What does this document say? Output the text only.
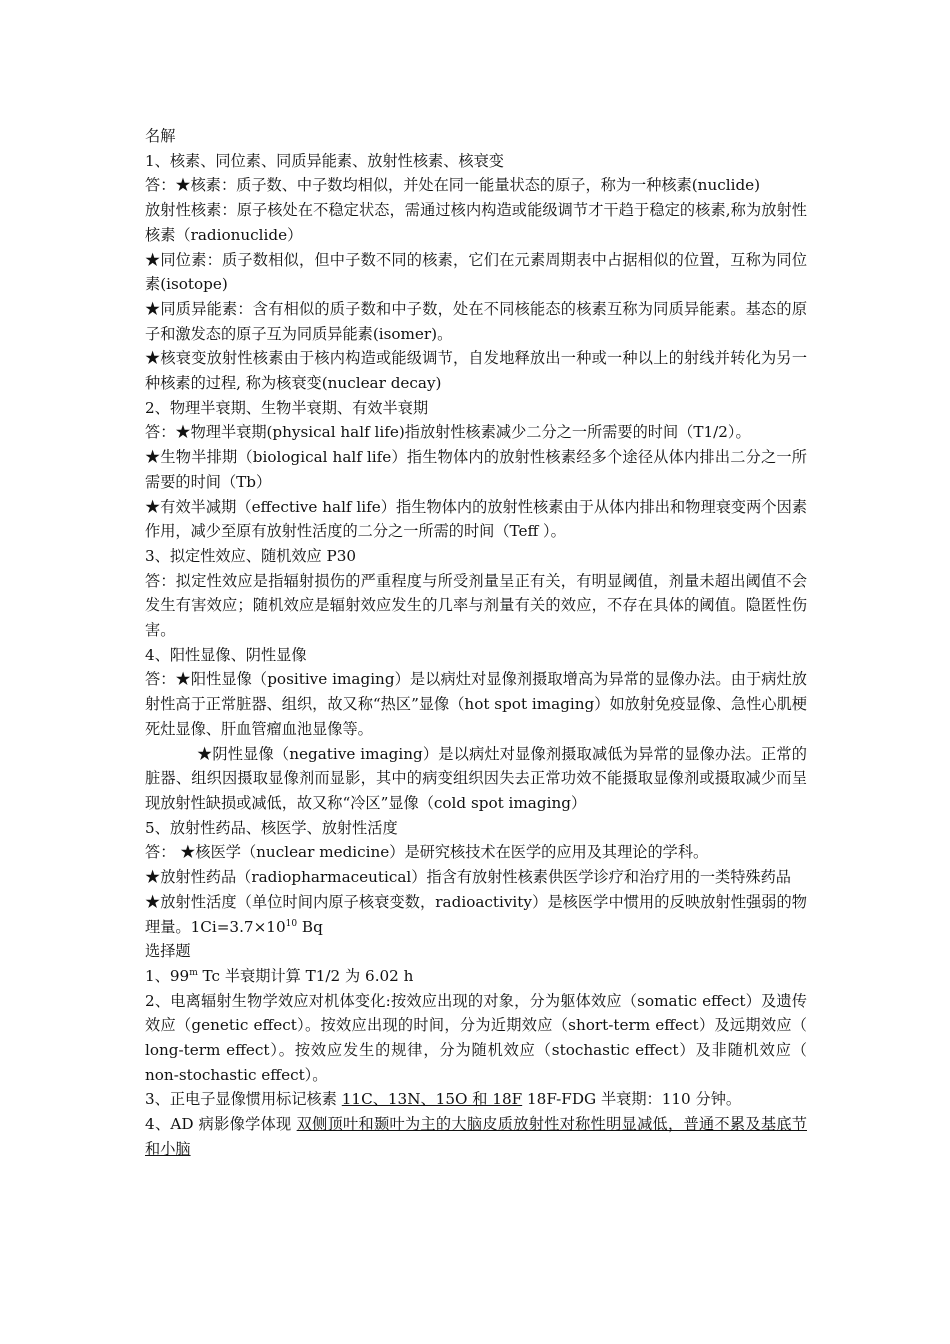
名解

1、核素、同位素、同质异能素、放射性核素、核衰变

答：★核素：质子数、中子数均相似，并处在同一能量状态的原子，称为一种核素(nuclide)

放射性核素：原子核处在不稳定状态，需通过核内构造或能级调节才干趋于稳定的核素,称为放射性核素（radionuclide）

★同位素：质子数相似，但中子数不同的核素，它们在元素周期表中占据相似的位置，互称为同位素(isotope)

★同质异能素：含有相似的质子数和中子数，处在不同核能态的核素互称为同质异能素。基态的原子和激发态的原子互为同质异能素(isomer)。

★核衰变放射性核素由于核内构造或能级调节，自发地释放出一种或一种以上的射线并转化为另一种核素的过程, 称为核衰变(nuclear decay)

2、物理半衰期、生物半衰期、有效半衰期

答：★物理半衰期(physical half life)指放射性核素减少二分之一所需要的时间（T1/2）。

★生物半排期（biological half life）指生物体内的放射性核素经多个途径从体内排出二分之一所需要的时间（Tb）

★有效半减期（effective half life）指生物体内的放射性核素由于从体内排出和物理衰变两个因素作用，减少至原有放射性活度的二分之一所需的时间（Teff ）。

3、拟定性效应、随机效应 P30

答：拟定性效应是指辐射损伤的严重程度与所受剂量呈正有关，有明显阈值，剂量未超出阈值不会发生有害效应；随机效应是辐射效应发生的几率与剂量有关的效应，不存在具体的阈值。隐匿性伤害。

4、阳性显像、阴性显像

答：★阳性显像（positive imaging）是以病灶对显像剂摄取增高为异常的显像办法。由于病灶放射性高于正常脏器、组织，故又称“热区”显像（hot spot imaging）如放射免疫显像、急性心肌梗死灶显像、肝血管瘤血池显像等。

★阴性显像（negative imaging）是以病灶对显像剂摄取减低为异常的显像办法。正常的脏器、组织因摄取显像剂而显影，其中的病变组织因失去正常功效不能摄取显像剂或摄取减少而呈现放射性缺损或减低，故又称“冷区”显像（cold spot imaging）

5、放射性药品、核医学、放射性活度

答： ★核医学（nuclear medicine）是研究核技术在医学的应用及其理论的学科。

★放射性药品（radiopharmaceutical）指含有放射性核素供医学诊疗和治疗用的一类特殊药品

★放射性活度（单位时间内原子核衰变数，radioactivity）是核医学中惯用的反映放射性强弱的物理量。$1Ci=3.7\times 10^{10}$ Bq

选择题

1、99$^m$ Tc 半衰期计算 T1/2 为 6.02 h

2、电离辐射生物学效应对机体变化:按效应出现的对象，分为躯体效应（somatic effect）及遗传效应（genetic effect）。按效应出现的时间，分为近期效应（short-term effect）及远期效应（ long-term effect）。按效应发生的规律，分为随机效应（stochastic effect）及非随机效应（ non-stochastic effect）。

3、正电子显像惯用标记核素 11C、13N、15O 和 18F 18F-FDG 半衰期：110 分钟。

4、AD 病影像学体现 双侧顶叶和颞叶为主的大脑皮质放射性对称性明显减低，普通不累及基底节和小脑
